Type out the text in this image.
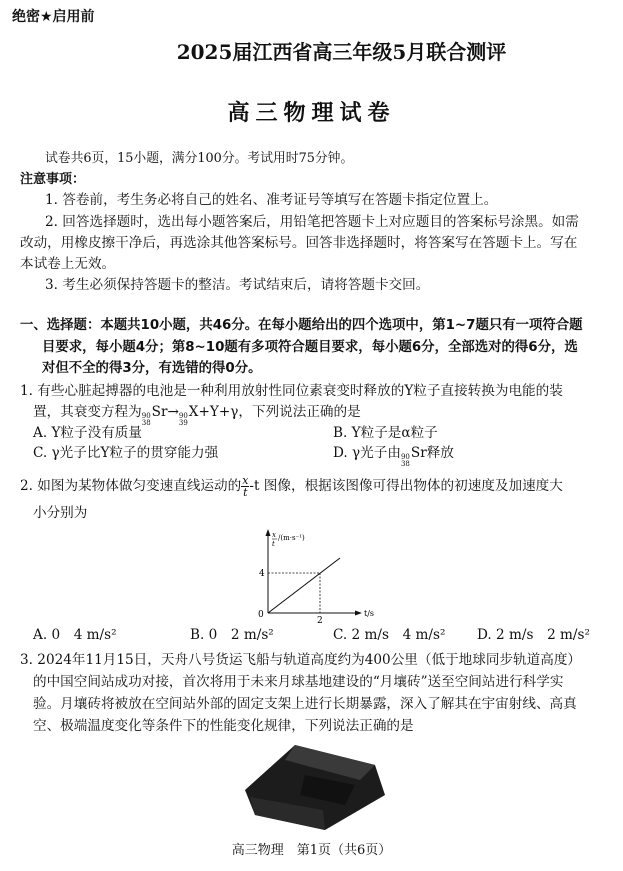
绝密★启用前
2025届江西省高三年级5月联合测评
高三物理试卷
试卷共6页，15小题，满分100分。考试用时75分钟。
注意事项：
1. 答卷前，考生务必将自己的姓名、准考证号等填写在答题卡指定位置上。
2. 回答选择题时，选出每小题答案后，用铅笔把答题卡上对应题目的答案标号涂黑。如需
改动，用橡皮擦干净后，再选涂其他答案标号。回答非选择题时，将答案写在答题卡上。写在
本试卷上无效。
3. 考生必须保持答题卡的整洁。考试结束后，请将答题卡交回。
一、选择题：本题共10小题，共46分。在每小题给出的四个选项中，第1~7题只有一项符合题
目要求，每小题4分；第8~10题有多项符合题目要求，每小题6分，全部选对的得6分，选
对但不全的得3分，有选错的得0分。
1. 有些心脏起搏器的电池是一种利用放射性同位素衰变时释放的Y粒子直接转换为电能的装
置，其衰变方程为 90
38
Sr→ 90
39
X+Y+γ，下列说法正确的是
A. Y粒子没有质量	B. Y粒子是α粒子
C. γ光子比Y粒子的贯穿能力强	D. γ光子由 90
38
Sr释放
2. 如图为某物体做匀变速直线运动的 $\frac{x}{t} -t$ 图像，根据该图像可得出物体的初速度及加速度大
小分别为
x
t
/(m·s⁻¹)
t/s
0
4
2
A. 0　4 m/s²	B. 0　2 m/s²	C. 2 m/s　4 m/s² D. 2 m/s　2 m/s²
3. 2024年11月15日，天舟八号货运飞船与轨道高度约为400公里（低于地球同步轨道高度）
的中国空间站成功对接，首次将用于未来月球基地建设的“月壤砖”送至空间站进行科学实
验。月壤砖将被放在空间站外部的固定支架上进行长期暴露，深入了解其在宇宙射线、高真
空、极端温度变化等条件下的性能变化规律，下列说法正确的是
高三物理　第1页（共6页）
